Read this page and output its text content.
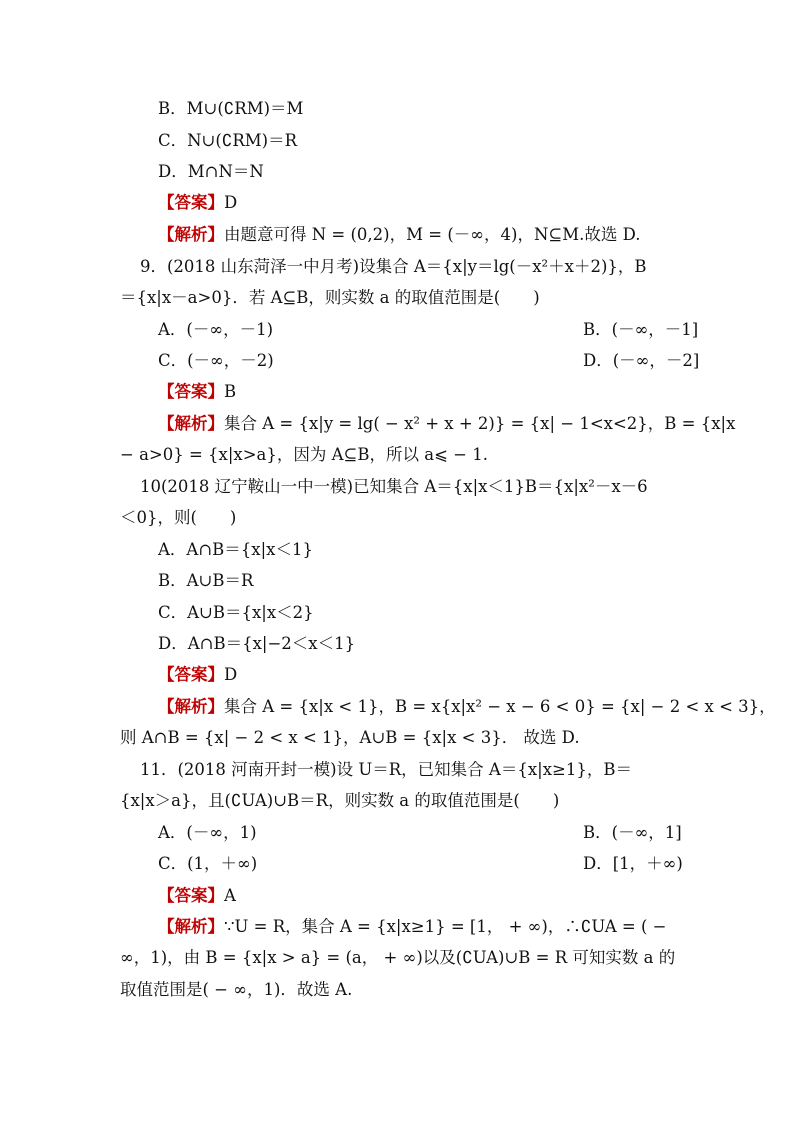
B．M∪(∁RM)＝M
C．N∪(∁RM)＝R
D．M∩N＝N
【答案】D
【解析】由题意可得 N = (0,2)，M = (－∞，4)，N⊆M.故选 D.
9．(2018 山东菏泽一中月考)设集合 A＝{x|y＝lg(－x²＋x＋2)}，B
＝{x|x－a>0}．若 A⊆B，则实数 a 的取值范围是(　　)
A．(－∞，－1)	B．(－∞，－1]
C．(－∞，－2)	D．(－∞，－2]
【答案】B
【解析】集合 A = {x|y = lg( − x² + x + 2)} = {x| − 1<x<2}，B = {x|x
− a>0} = {x|x>a}，因为 A⊆B，所以 a⩽ − 1.
10(2018 辽宁鞍山一中一模)已知集合 A＝{x|x＜1}B＝{x|x²－x－6
＜0}，则(　　)
A．A∩B＝{x|x＜1}
B．A∪B＝R
C．A∪B＝{x|x＜2}
D．A∩B＝{x|−2＜x＜1}
【答案】D
【解析】集合 A = {x|x < 1}，B = x{x|x² − x − 6 < 0} = {x| − 2 < x < 3}，
则 A∩B = {x| − 2 < x < 1}，A∪B = {x|x < 3}． 故选 D.
11．(2018 河南开封一模)设 U＝R，已知集合 A＝{x|x≥1}，B＝
{x|x＞a}，且(∁UA)∪B＝R，则实数 a 的取值范围是(　　)
A．(－∞，1)	B．(－∞，1]
C．(1，＋∞)	D．[1，＋∞)
【答案】A
【解析】∵U = R，集合 A = {x|x≥1} = [1， + ∞)，∴∁UA = ( −
∞，1)，由 B = {x|x > a} = (a， + ∞)以及(∁UA)∪B = R 可知实数 a 的
取值范围是( − ∞，1)．故选 A.
